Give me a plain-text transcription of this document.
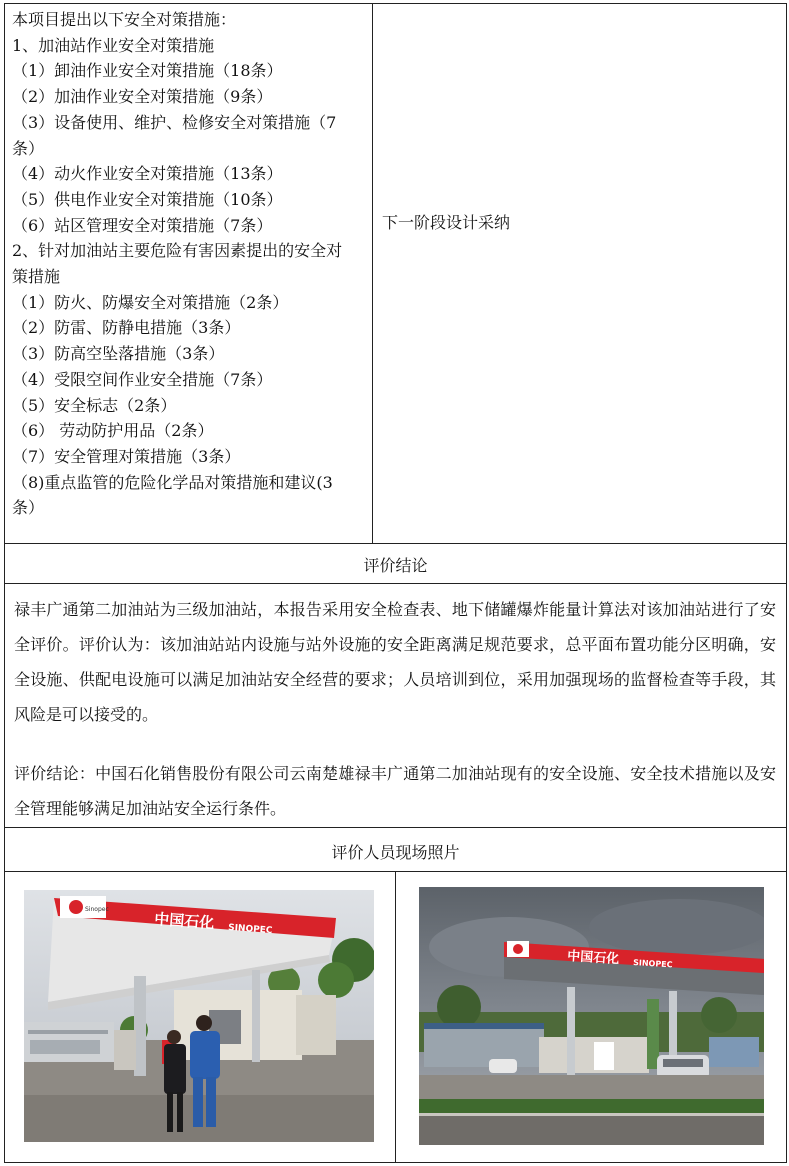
本项目提出以下安全对策措施：
1、加油站作业安全对策措施
（1）卸油作业安全对策措施（18条）
（2）加油作业安全对策措施（9条）
（3）设备使用、维护、检修安全对策措施（7
条）
（4）动火作业安全对策措施（13条）
（5）供电作业安全对策措施（10条）
（6）站区管理安全对策措施（7条）
2、针对加油站主要危险有害因素提出的安全对
策措施
（1）防火、防爆安全对策措施（2条）
（2）防雷、防静电措施（3条）
（3）防高空坠落措施（3条）
（4）受限空间作业安全措施（7条）
（5）安全标志（2条）
（6） 劳动防护用品（2条）
（7）安全管理对策措施（3条）
（8)重点监管的危险化学品对策措施和建议(3
条）
下一阶段设计采纳
评价结论
禄丰广通第二加油站为三级加油站，本报告采用安全检查表、地下储罐爆炸能量计算法对该加油站进行了安全评价。评价认为：该加油站站内设施与站外设施的安全距离满足规范要求，总平面布置功能分区明确，安全设施、供配电设施可以满足加油站安全经营的要求；人员培训到位，采用加强现场的监督检查等手段，其风险是可以接受的。
评价结论：中国石化销售股份有限公司云南楚雄禄丰广通第二加油站现有的安全设施、安全技术措施以及安全管理能够满足加油站安全运行条件。
评价人员现场照片
中国石化 SINOPEC
Sinopec
中国石化 SINOPEC
